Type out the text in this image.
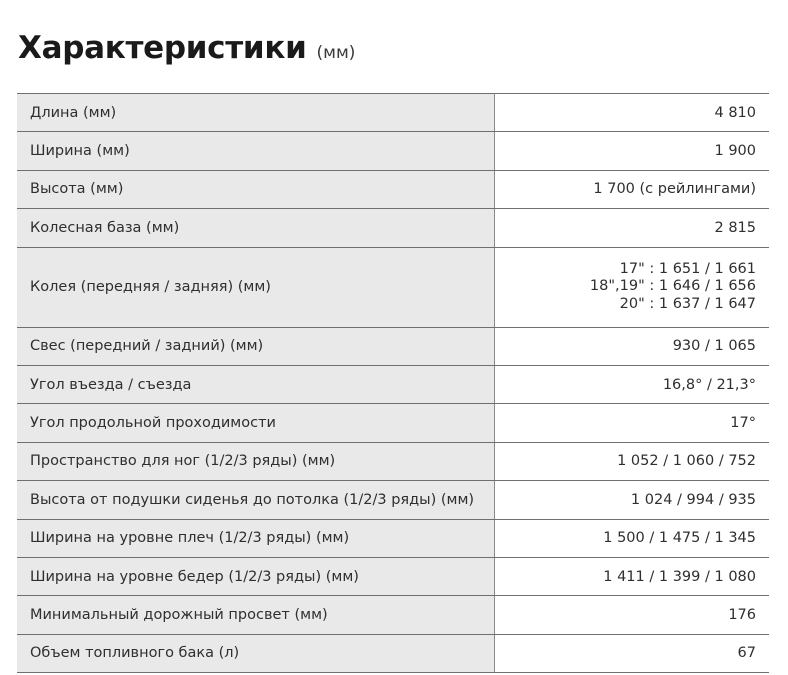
Характеристики (мм)
Длина (мм)	4 810
Ширина (мм)	1 900
Высота (мм)	1 700 (с рейлингами)
Колесная база (мм)	2 815
Колея (передняя / задняя) (мм)	17" : 1 651 / 1 661
18",19" : 1 646 / 1 656
20" : 1 637 / 1 647

Свес (передний / задний) (мм)	930 / 1 065
Угол въезда / съезда	16,8° / 21,3°
Угол продольной проходимости	17°
Пространство для ног (1/2/3 ряды) (мм)	1 052 / 1 060 / 752
Высота от подушки сиденья до потолка (1/2/3 ряды) (мм)	1 024 / 994 / 935
Ширина на уровне плеч (1/2/3 ряды) (мм)	1 500 / 1 475 / 1 345
Ширина на уровне бедер (1/2/3 ряды) (мм)	1 411 / 1 399 / 1 080
Минимальный дорожный просвет (мм)	176
Объем топливного бака (л)	67
